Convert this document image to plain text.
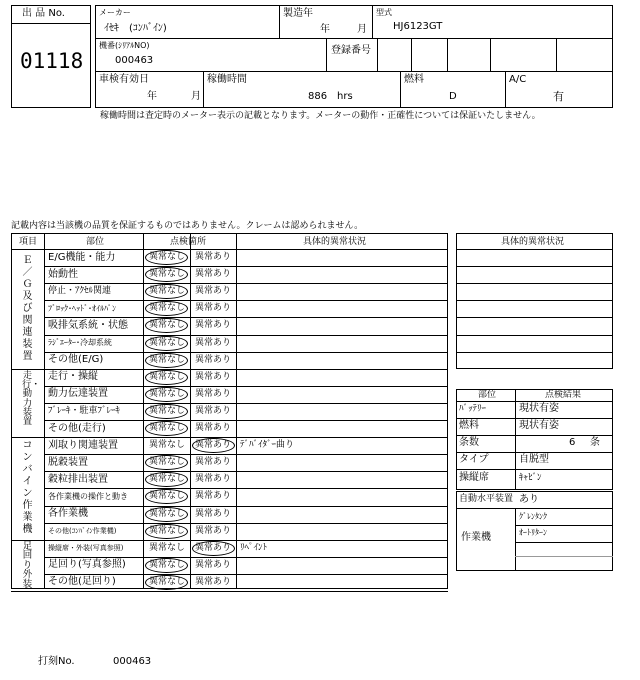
出 品 No.
01118
メーカー
ｲｾｷ　(ｺﾝﾊﾞｲﾝ)
製造年
年	月
型式
HJ6123GT
機番(ｼﾘｱﾙNO)
000463
登録番号
車検有効日
年	月
稼働時間
886 hrs
燃料
D
A/C
有
稼働時間は査定時のメーター表示の記載となります。メーターの動作・正確性については保証いたしません。
記載内容は当該機の品質を保証するものではありません。クレームは認められません。
項目	部位	点検箇所	具体的異常状況
E/G機能・能力	異常なし 異常あり
始動性	異常なし 異常あり
停止・ｱｸｾﾙ関連	異常なし 異常あり
ﾌﾞﾛｯｸ･ﾍｯﾄﾞ･ｵｲﾙﾊﾟﾝ	異常なし 異常あり
吸排気系統・状態 異常なし 異常あり
ﾗｼﾞｴｰﾀｰ･冷却系統	異常なし 異常あり
その他(E/G)	異常なし 異常あり
Ｅ／Ｇ及び関連装置
走行・操縦	異常なし 異常あり
動力伝達装置	異常なし 異常あり
ﾌﾞﾚｰｷ・駐車ﾌﾞﾚｰｷ	異常なし 異常あり
その他(走行)	異常なし 異常あり
走行・動力装置
刈取り関連装置	異常なし 異常あり ﾃﾞﾊﾞｲﾀﾞｰ曲り
脱穀装置	異常なし 異常あり
穀粒排出装置	異常なし 異常あり
各作業機の操作と動き 異常なし 異常あり
各作業機	異常なし 異常あり
その他(ｺﾝﾊﾞｲﾝ作業機)	異常なし 異常あり
コンバイン作業機
操縦席・外装(写真参照)	異常なし 異常あり ﾘﾍﾟｲﾝﾄ
足回り(写真参照)	異常なし 異常あり
その他(足回り)	異常なし 異常あり
足回り外装
具体的異常状況
部位	点検結果
ﾊﾞｯﾃﾘｰ	現状有姿
燃料	現状有姿
条数	6 条
タイプ	自脱型
操縦席	ｷｬﾋﾞﾝ
自動水平装置 あり
作業機
ｸﾞﾚﾝﾀﾝｸ
ｵｰﾄﾘﾀｰﾝ
打刻No.	000463
